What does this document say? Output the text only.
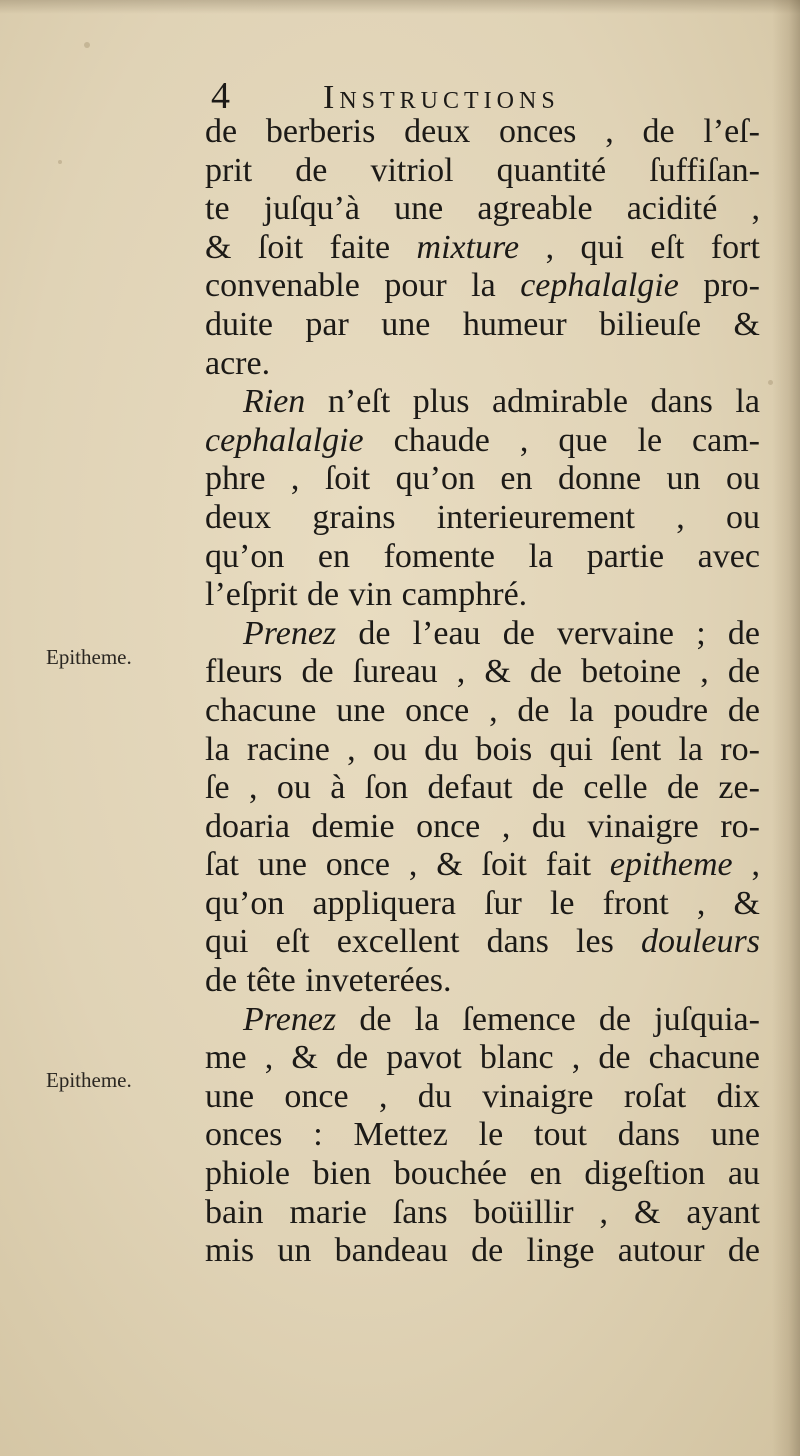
4	Instructions
Epitheme.
Epitheme.
de berberis deux onces , de l’eſ-
prit de vitriol quantité ſuffiſan-
te juſqu’à une agreable acidité ,
& ſoit faite mixture , qui eſt fort
convenable pour la cephalalgie pro-
duite par une humeur bilieuſe &
acre.
Rien n’eſt plus admirable dans la
cephalalgie chaude , que le cam-
phre , ſoit qu’on en donne un ou
deux grains interieurement , ou
qu’on en fomente la partie avec
l’eſprit de vin camphré.
Prenez de l’eau de vervaine ; de
fleurs de ſureau , & de betoine , de
chacune une once , de la poudre de
la racine , ou du bois qui ſent la ro-
ſe , ou à ſon defaut de celle de ze-
doaria demie once , du vinaigre ro-
ſat une once , & ſoit fait epitheme ,
qu’on appliquera ſur le front , &
qui eſt excellent dans les douleurs
de tête inveterées.
Prenez de la ſemence de juſquia-
me , & de pavot blanc , de chacune
une once , du vinaigre roſat dix
onces : Mettez le tout dans une
phiole bien bouchée en digeſtion au
bain marie ſans boüillir , & ayant
mis un bandeau de linge autour de
